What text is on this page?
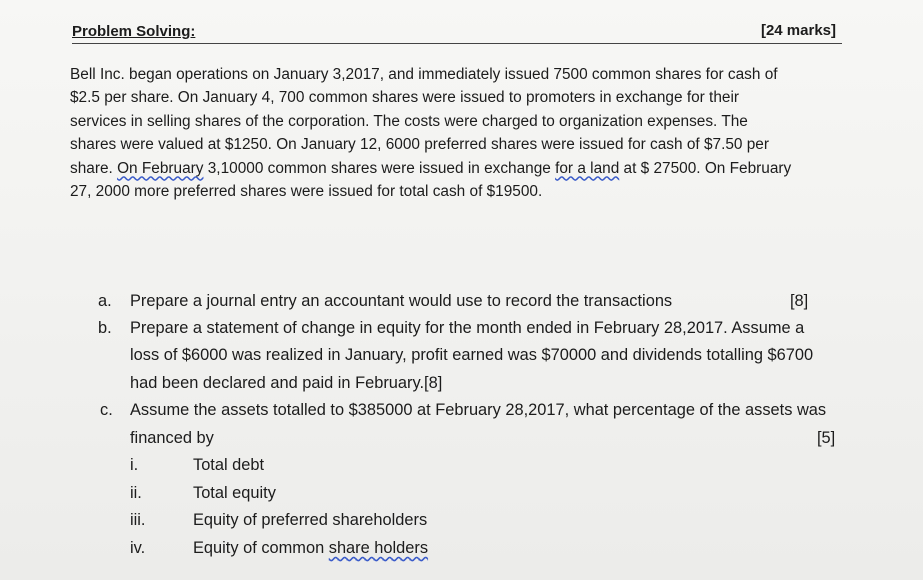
Problem Solving:	[24 marks]
Bell Inc. began operations on January 3,2017, and immediately issued 7500 common shares for cash of
$2.5 per share. On January 4, 700 common shares were issued to promoters in exchange for their
services in selling shares of the corporation. The costs were charged to organization expenses. The
shares were valued at $1250. On January 12, 6000 preferred shares were issued for cash of $7.50 per
share. On February 3,10000 common shares were issued in exchange for a land at $ 27500. On February
27, 2000 more preferred shares were issued for total cash of $19500.
a. Prepare a journal entry an accountant would use to record the transactions	[8]
b. Prepare a statement of change in equity for the month ended in February 28,2017. Assume a
loss of $6000 was realized in January, profit earned was $70000 and dividends totalling $6700
had been declared and paid in February.[8]
c. Assume the assets totalled to $385000 at February 28,2017, what percentage of the assets was
financed by	[5]
i.	Total debt
ii.	Total equity
iii.	Equity of preferred shareholders
iv.	Equity of common share holders
